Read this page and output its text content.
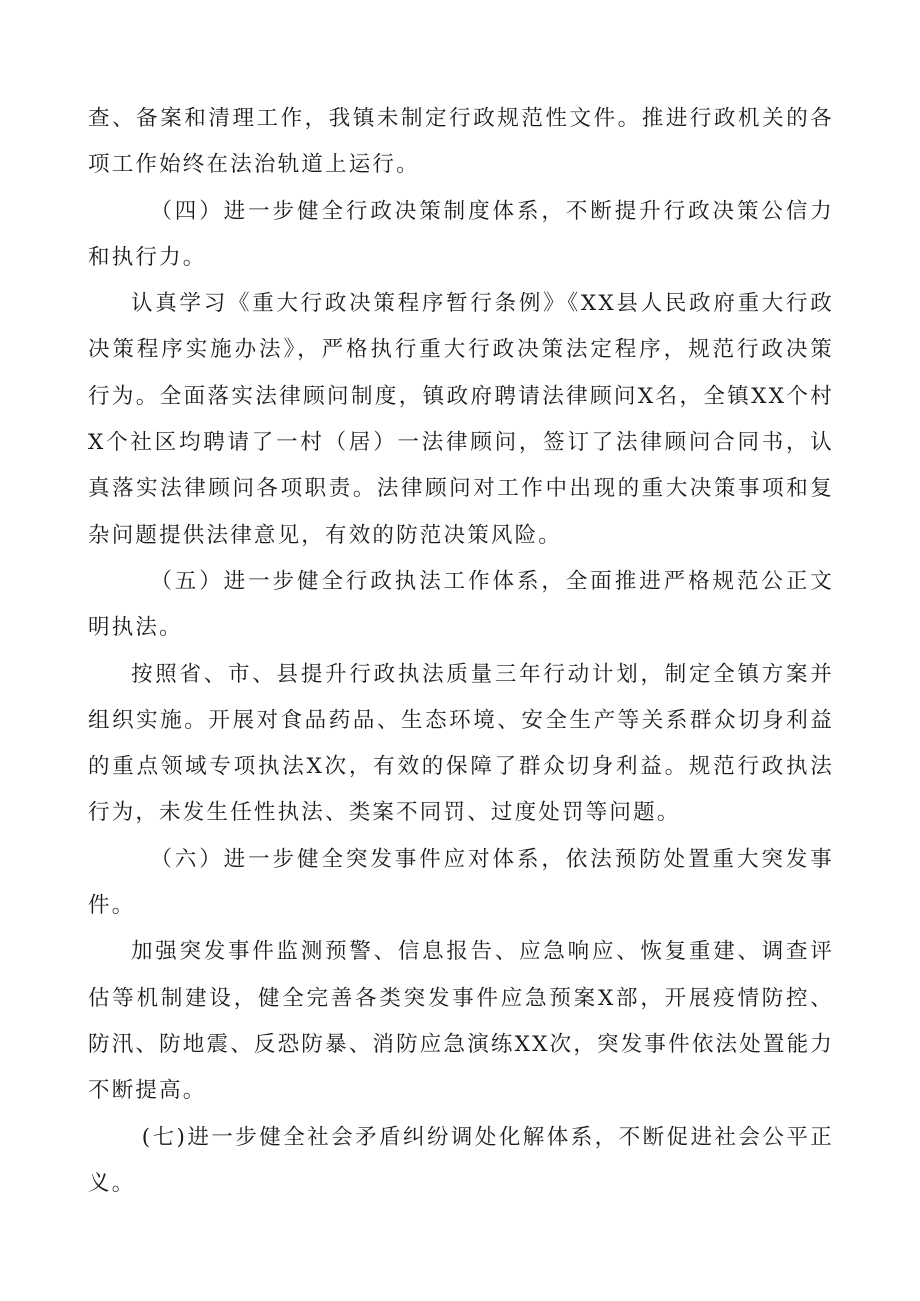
查、备案和清理工作，我镇未制定行政规范性文件。推进行政机关的各项工作始终在法治轨道上运行。

（四）进一步健全行政决策制度体系，不断提升行政决策公信力和执行力。

认真学习《重大行政决策程序暂行条例》《XX县人民政府重大行政决策程序实施办法》，严格执行重大行政决策法定程序，规范行政决策行为。全面落实法律顾问制度，镇政府聘请法律顾问X名，全镇XX个村X个社区均聘请了一村（居）一法律顾问，签订了法律顾问合同书，认真落实法律顾问各项职责。法律顾问对工作中出现的重大决策事项和复杂问题提供法律意见，有效的防范决策风险。

（五）进一步健全行政执法工作体系，全面推进严格规范公正文明执法。

按照省、市、县提升行政执法质量三年行动计划，制定全镇方案并组织实施。开展对食品药品、生态环境、安全生产等关系群众切身利益的重点领域专项执法X次，有效的保障了群众切身利益。规范行政执法行为，未发生任性执法、类案不同罚、过度处罚等问题。

（六）进一步健全突发事件应对体系，依法预防处置重大突发事件。

加强突发事件监测预警、信息报告、应急响应、恢复重建、调查评估等机制建设，健全完善各类突发事件应急预案X部，开展疫情防控、防汛、防地震、反恐防暴、消防应急演练XX次，突发事件依法处置能力不断提高。

(七)进一步健全社会矛盾纠纷调处化解体系，不断促进社会公平正义。
